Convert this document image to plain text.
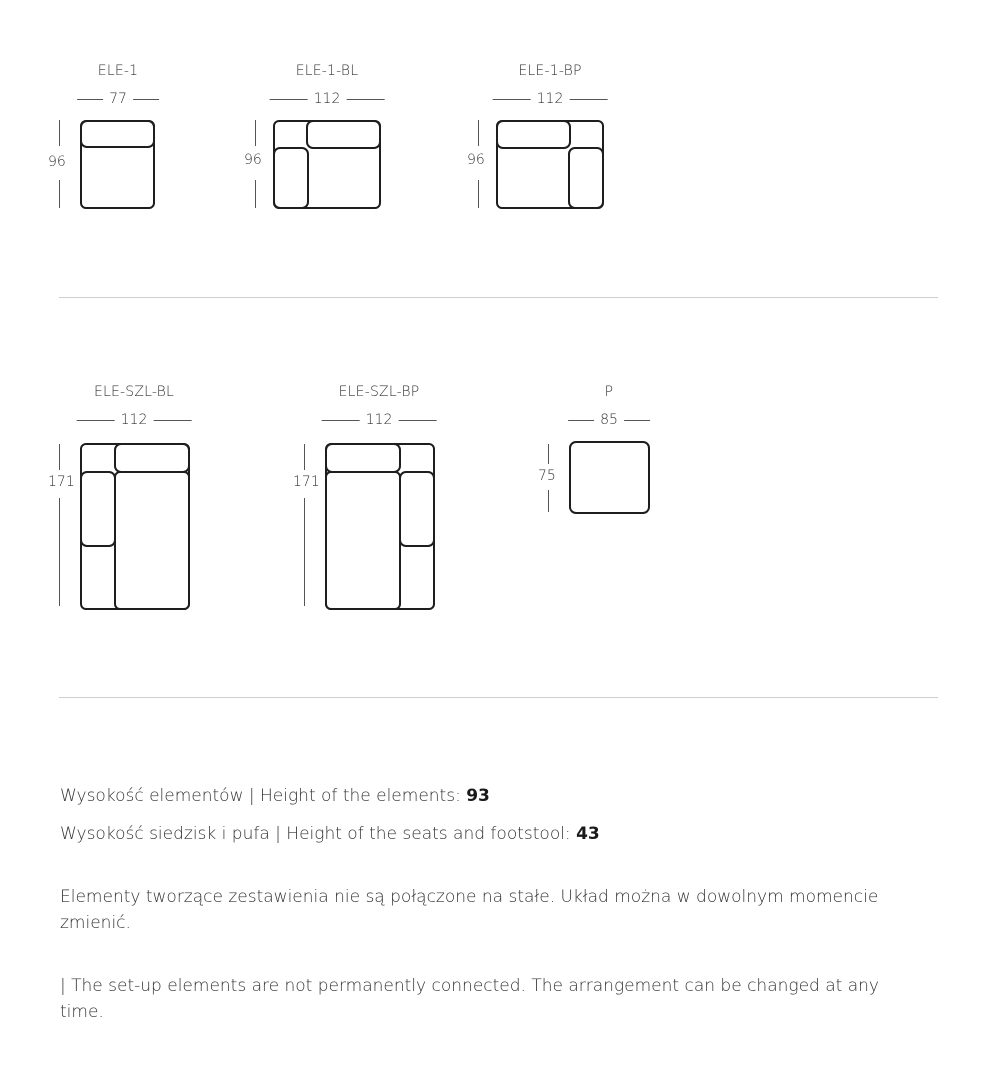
ELE-1
77
96
ELE-1-BL
112
96
ELE-1-BP
112
96
ELE-SZL-BL
112
171
ELE-SZL-BP
112
171
P
85
75
Wysokość elementów | Height of the elements: 93
Wysokość siedzisk i pufa | Height of the seats and footstool: 43
Elementy tworzące zestawienia nie są połączone na stałe. Układ można w dowolnym momencie zmienić.
| The set-up elements are not permanently connected. The arrangement can be changed at any time.
